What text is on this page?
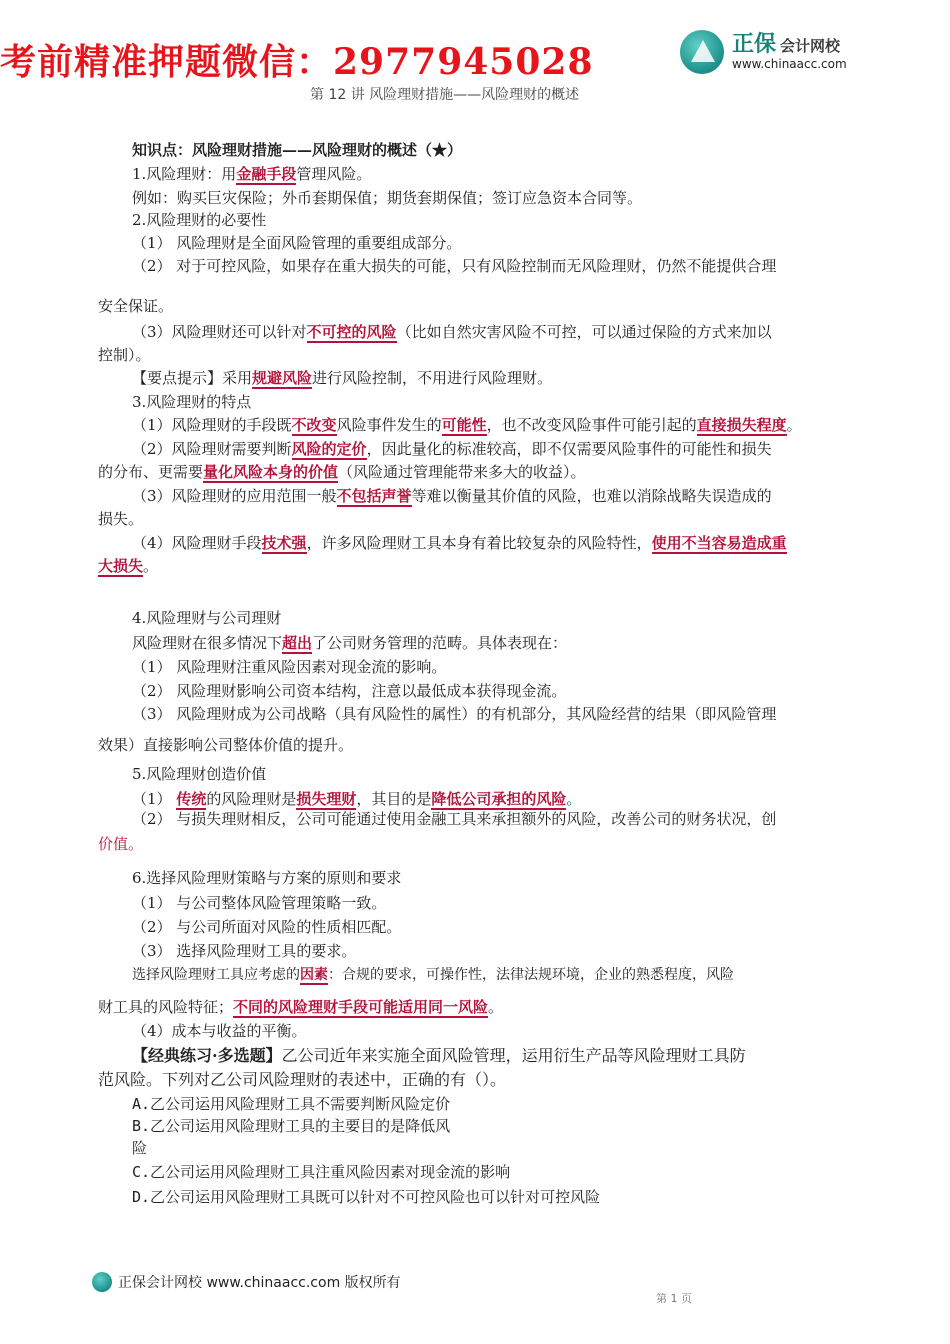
考前精准押题微信：2977945028	正保 会计网校
www.chinaacc.com
第 12 讲 风险理财措施——风险理财的概述
知识点：风险理财措施——风险理财的概述（★）
1.风险理财：用金融手段管理风险。
例如：购买巨灾保险；外币套期保值；期货套期保值；签订应急资本合同等。
2.风险理财的必要性
（1） 风险理财是全面风险管理的重要组成部分。
（2） 对于可控风险，如果存在重大损失的可能，只有风险控制而无风险理财，仍然不能提供合理
安全保证。
（3）风险理财还可以针对不可控的风险（比如自然灾害风险不可控，可以通过保险的方式来加以
控制）。
【要点提示】采用规避风险进行风险控制，不用进行风险理财。
3.风险理财的特点
（1）风险理财的手段既不改变风险事件发生的可能性，也不改变风险事件可能引起的直接损失程度。
（2）风险理财需要判断风险的定价，因此量化的标准较高，即不仅需要风险事件的可能性和损失
的分布、更需要量化风险本身的价值（风险通过管理能带来多大的收益）。
（3）风险理财的应用范围一般不包括声誉等难以衡量其价值的风险，也难以消除战略失误造成的
损失。
（4）风险理财手段技术强，许多风险理财工具本身有着比较复杂的风险特性，使用不当容易造成重
大损失。
4.风险理财与公司理财
风险理财在很多情况下超出了公司财务管理的范畴。具体表现在：
（1） 风险理财注重风险因素对现金流的影响。
（2） 风险理财影响公司资本结构，注意以最低成本获得现金流。
（3） 风险理财成为公司战略（具有风险性的属性）的有机部分，其风险经营的结果（即风险管理
效果）直接影响公司整体价值的提升。
5.风险理财创造价值
（1） 传统的风险理财是损失理财，其目的是降低公司承担的风险。
（2） 与损失理财相反，公司可能通过使用金融工具来承担额外的风险，改善公司的财务状况，创
价值。
6.选择风险理财策略与方案的原则和要求
（1） 与公司整体风险管理策略一致。
（2） 与公司所面对风险的性质相匹配。
（3） 选择风险理财工具的要求。
选择风险理财工具应考虑的因素：合规的要求，可操作性，法律法规环境，企业的熟悉程度，风险
财工具的风险特征；不同的风险理财手段可能适用同一风险。
（4）成本与收益的平衡。
【经典练习·多选题】乙公司近年来实施全面风险管理，运用衍生产品等风险理财工具防
范风险。下列对乙公司风险理财的表述中，正确的有（）。
A.乙公司运用风险理财工具不需要判断风险定价
B.乙公司运用风险理财工具的主要目的是降低风
险
C.乙公司运用风险理财工具注重风险因素对现金流的影响
D.乙公司运用风险理财工具既可以针对不可控风险也可以针对可控风险
正保会计网校 www.chinaacc.com 版权所有
第 1 页
